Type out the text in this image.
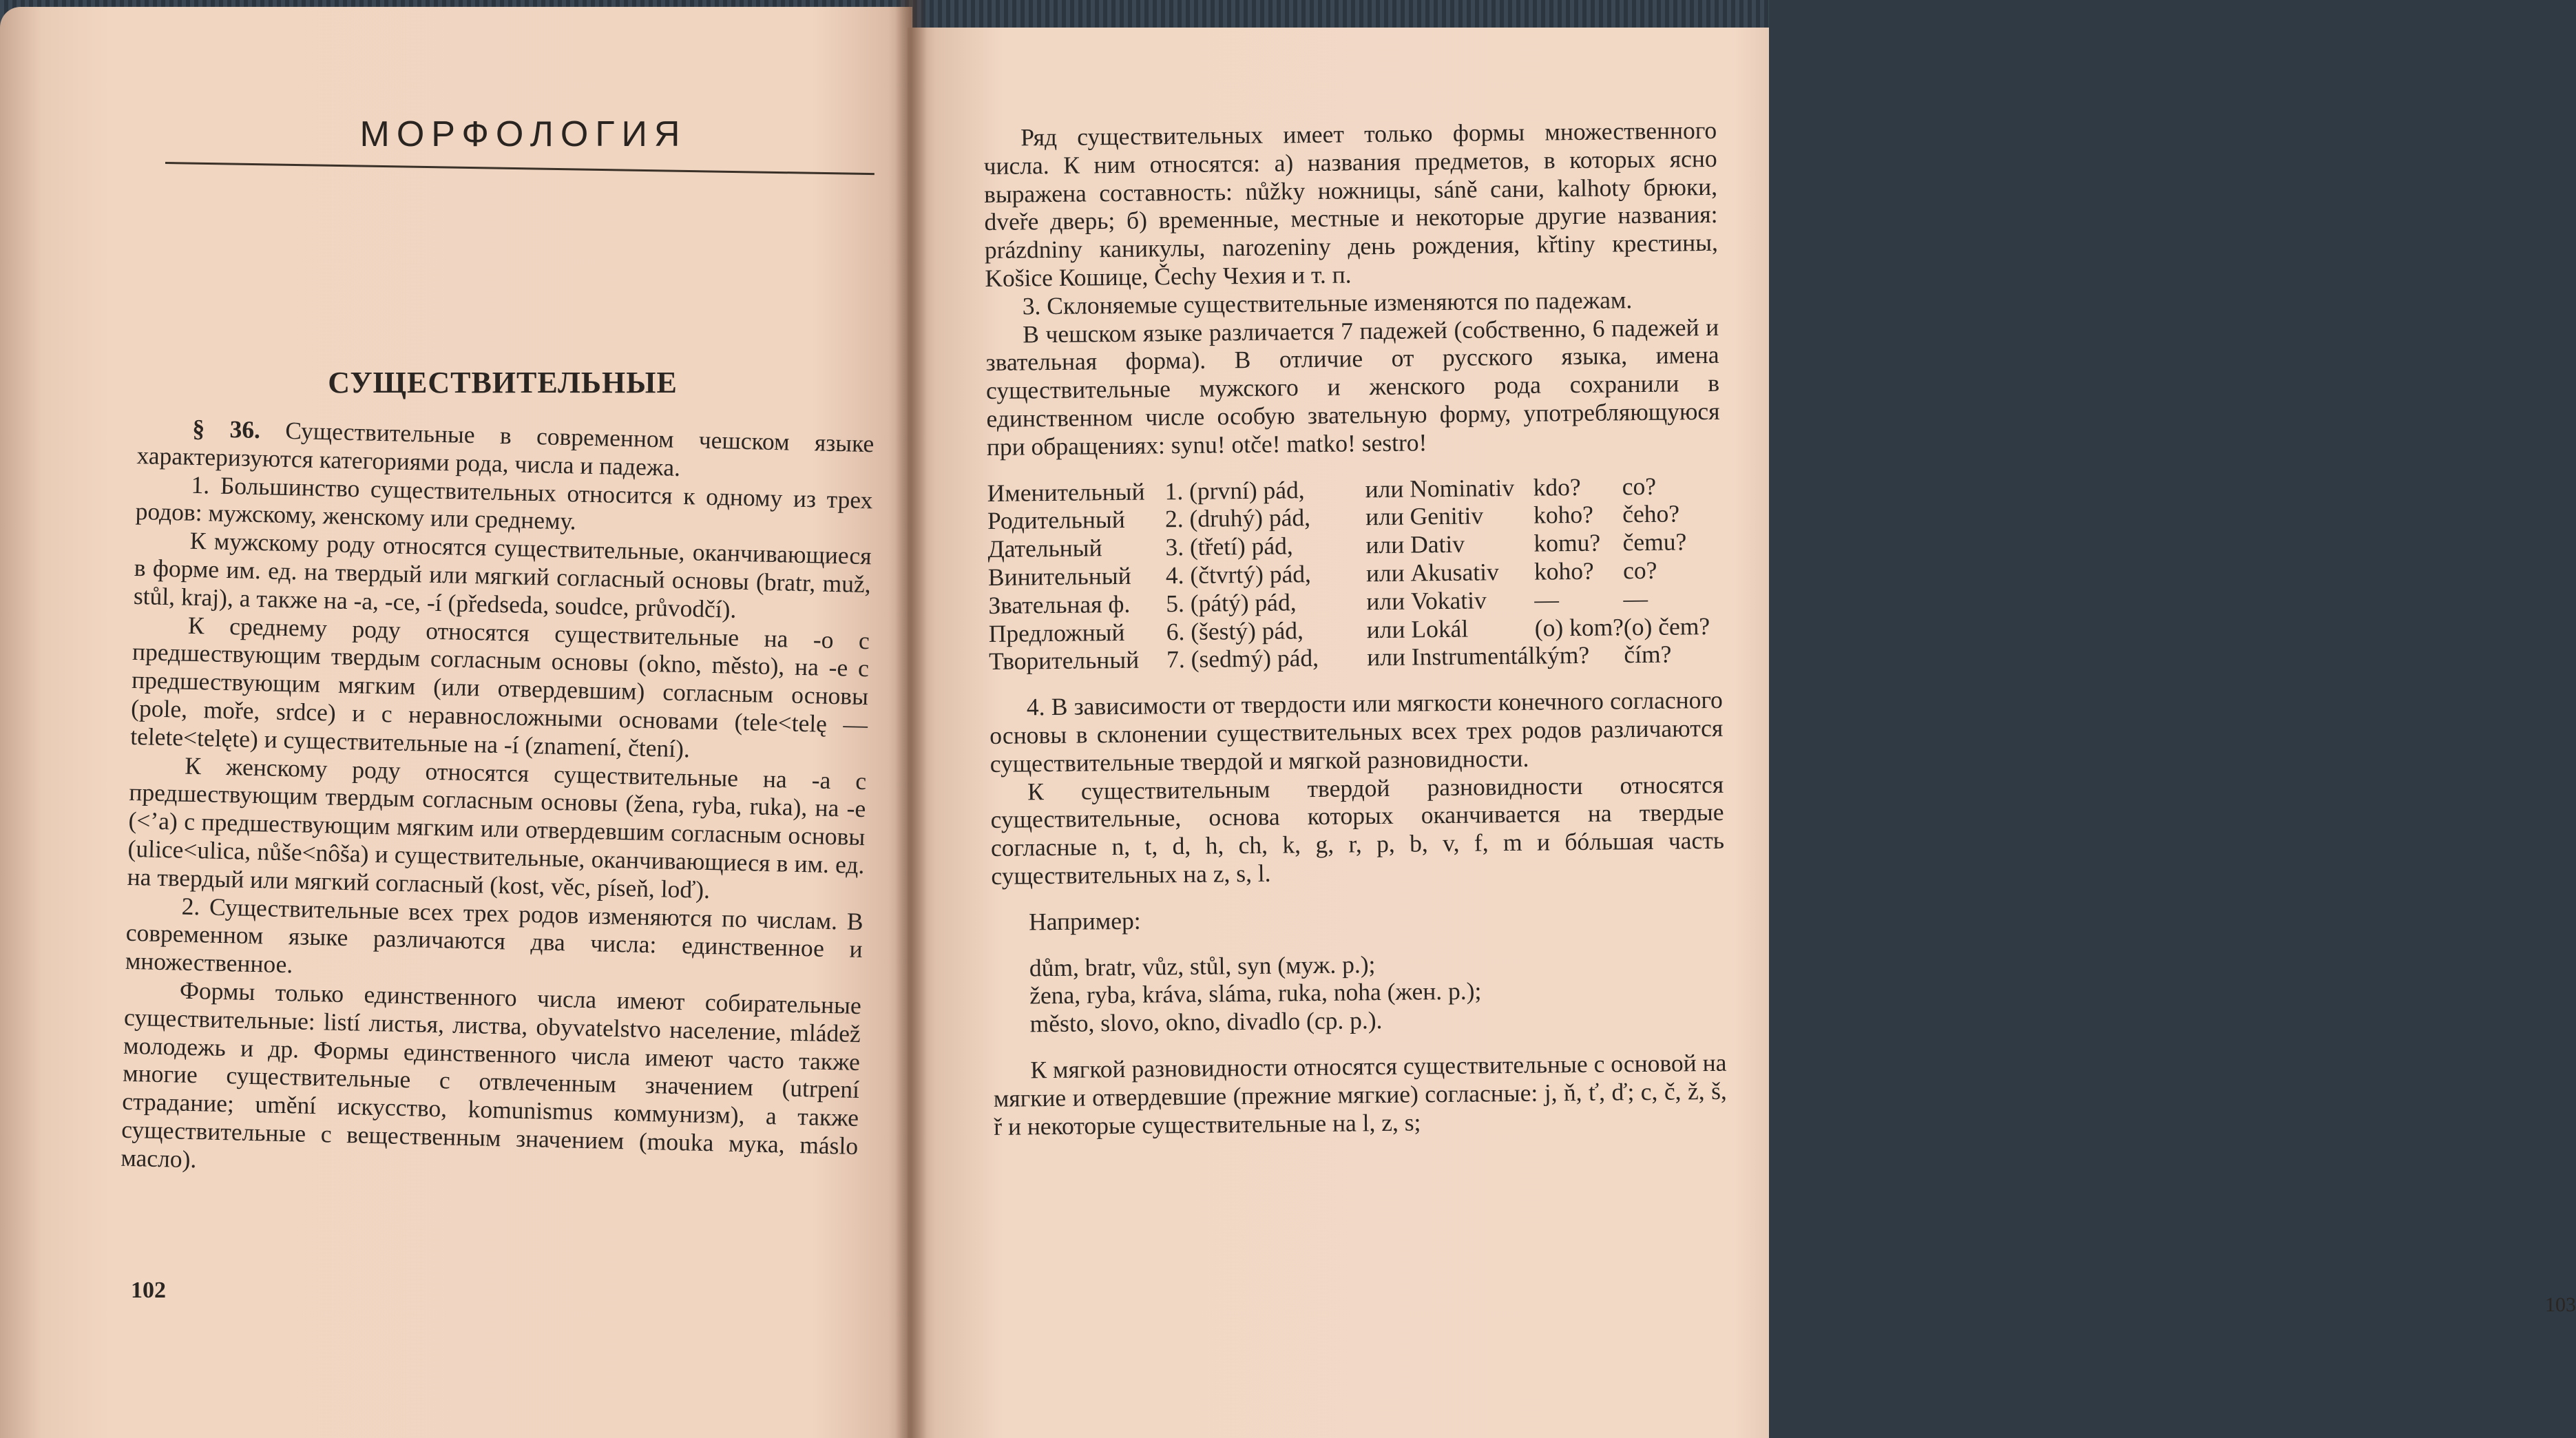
МОРФОЛОГИЯ
СУЩЕСТВИТЕЛЬНЫЕ

§ 36. Существительные в современном чешском языке характеризуются категориями рода, числа и падежа.

1. Большинство существительных относится к одному из трех родов: мужскому, женскому или среднему.

К мужскому роду относятся существительные, оканчивающиеся в форме им. ед. на твердый или мягкий согласный основы (bratr, muž, stůl, kraj), а также на -a, -ce, -í (předseda, soudce, průvodčí).

К среднему роду относятся существительные на -o с предшествующим твердым согласным основы (okno, město), на -e с предшествующим мягким (или отвердевшим) согласным основы (pole, moře, srdce) и с неравносложными основами (tele<telę — telete<telęte) и существительные на -í (znamení, čtení).

К женскому роду относятся существительные на -a с предшествующим твердым согласным основы (žena, ryba, ruka), на -e (<’a) с предшествующим мягким или отвердевшим согласным основы (ulice<ulica, nůše<nôša) и существительные, оканчивающиеся в им. ед. на твердый или мягкий согласный (kost, věc, píseň, loď).

2. Существительные всех трех родов изменяются по числам. В современном языке различаются два числа: единственное и множественное.

Формы только единственного числа имеют собирательные существительные: listí листья, листва, obyvatelstvo население, mládež молодежь и др. Формы единственного числа имеют часто также многие существительные с отвлеченным значением (utrpení страдание; umění искусство, komunismus коммунизм), а также существительные с вещественным значением (mouka мука, máslo масло).

102

Ряд существительных имеет только формы множественного числа. К ним относятся: а) названия предметов, в которых ясно выражена составность: nůžky ножницы, sáně сани, kalhoty брюки, dveře дверь; б) временные, местные и некоторые другие названия: prázdniny каникулы, narozeniny день рождения, křtiny крестины, Košice Кошице, Čechy Чехия и т. п.

3. Склоняемые существительные изменяются по падежам.

В чешском языке различается 7 падежей (собственно, 6 падежей и звательная форма). В отличие от русского языка, имена существительные мужского и женского рода сохранили в единственном числе особую звательную форму, употребляющуюся при обращениях: synu! otče! matko! sestro!

Именительный	1. (první) pád,	или Nominativ	kdo?	co?
Родительный	2. (druhý) pád,	или Genitiv	koho?	čeho?
Дательный	3. (třetí) pád,	или Dativ	komu?	čemu?
Винительный	4. (čtvrtý) pád,	или Akusativ	koho?	co?
Звательная ф.	5. (pátý) pád,	или Vokativ	—	—
Предложный	6. (šestý) pád,	или Lokál	(o) kom?	(o) čem?
Творительный	7. (sedmý) pád,	или Instrumentál	kým?	čím?

4. В зависимости от твердости или мягкости конечного согласного основы в склонении существительных всех трех родов различаются существительные твердой и мягкой разновидности.

К существительным твердой разновидности относятся существительные, основа которых оканчивается на твердые согласные n, t, d, h, ch, k, g, r, p, b, v, f, m и бóльшая часть существительных на z, s, l.

Например:

dům, bratr, vůz, stůl, syn (муж. р.);
žena, ryba, kráva, sláma, ruka, noha (жен. р.);
město, slovo, okno, divadlo (ср. р.).

К мягкой разновидности относятся существительные с основой на мягкие и отвердевшие (прежние мягкие) согласные: j, ň, ť, ď; c, č, ž, š, ř и некоторые существительные на l, z, s;

103
